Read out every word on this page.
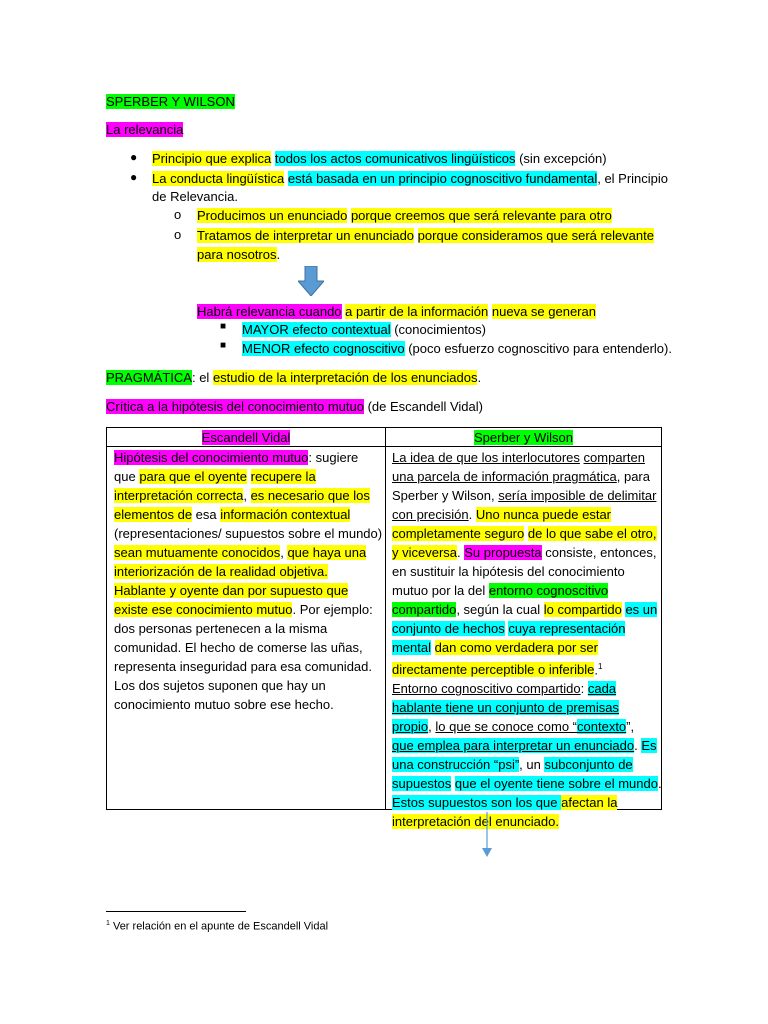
SPERBER Y WILSON
La relevancia
● Principio que explica todos los actos comunicativos lingüísticos (sin excepción)
● La conducta lingüística está basada en un principio cognoscitivo fundamental, el Principio
de Relevancia.
o Producimos un enunciado porque creemos que será relevante para otro
o Tratamos de interpretar un enunciado porque consideramos que será relevante
para nosotros.
Habrá relevancia cuando a partir de la información nueva se generan
■ MAYOR efecto contextual (conocimientos)
■ MENOR efecto cognoscitivo (poco esfuerzo cognoscitivo para entenderlo).
PRAGMÁTICA: el estudio de la interpretación de los enunciados.
Crítica a la hipótesis del conocimiento mutuo (de Escandell Vidal)
Escandell Vidal	Sperber y Wilson
Hipótesis del conocimiento mutuo: sugiere
que para que el oyente recupere la
interpretación correcta, es necesario que los
elementos de esa información contextual
(representaciones/ supuestos sobre el mundo)
sean mutuamente conocidos, que haya una
interiorización de la realidad objetiva.
Hablante y oyente dan por supuesto que
existe ese conocimiento mutuo. Por ejemplo:
dos personas pertenecen a la misma
comunidad. El hecho de comerse las uñas,
representa inseguridad para esa comunidad.
Los dos sujetos suponen que hay un
conocimiento mutuo sobre ese hecho.
La idea de que los interlocutores comparten
una parcela de información pragmática, para
Sperber y Wilson, sería imposible de delimitar
con precisión. Uno nunca puede estar
completamente seguro de lo que sabe el otro,
y viceversa. Su propuesta consiste, entonces,
en sustituir la hipótesis del conocimiento
mutuo por la del entorno cognoscitivo
compartido, según la cual lo compartido es un
conjunto de hechos cuya representación
mental dan como verdadera por ser
directamente perceptible o inferible.$^1$
Entorno cognoscitivo compartido: cada
hablante tiene un conjunto de premisas
propio, lo que se conoce como “contexto”,
que emplea para interpretar un enunciado. Es
una construcción “psi”, un subconjunto de
supuestos que el oyente tiene sobre el mundo.
Estos supuestos son los que afectan la
interpretación del enunciado.
$^1$ Ver relación en el apunte de Escandell Vidal
